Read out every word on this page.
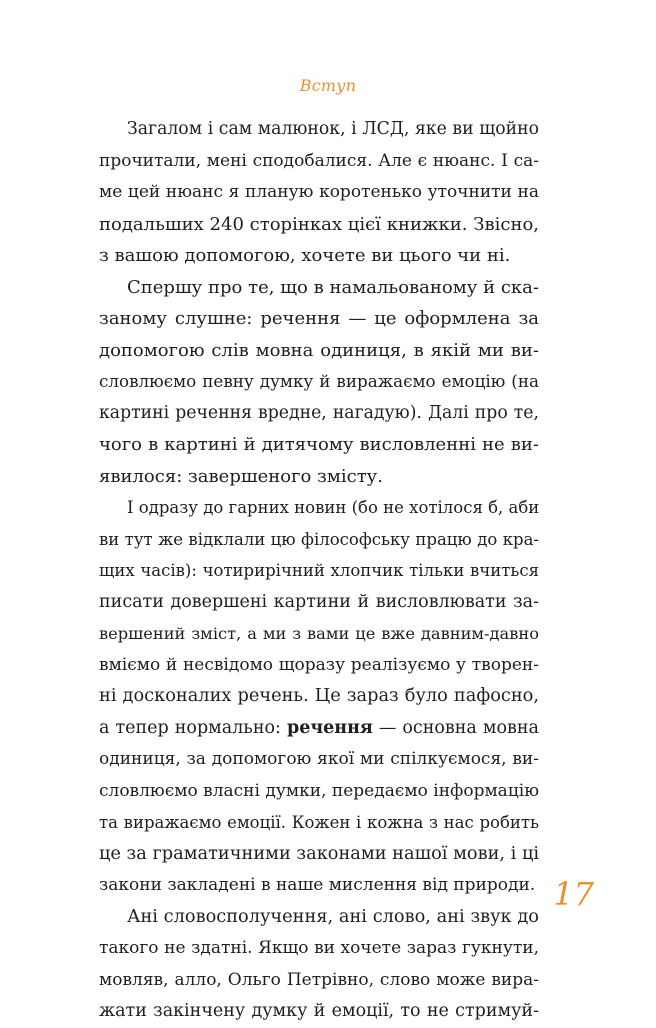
Вступ
Загалом і сам малюнок, і ЛСД, яке ви щойно
прочитали, мені сподобалися. Але є нюанс. І са-
ме цей нюанс я планую коротенько уточнити на
подальших 240 сторінках цієї книжки. Звісно,
з вашою допомогою, хочете ви цього чи ні.
Спершу про те, що в намальованому й ска-
заному слушне: речення — це оформлена за
допомогою слів мовна одиниця, в якій ми ви-
словлюємо певну думку й виражаємо емоцію (на
картині речення вредне, нагадую). Далі про те,
чого в картині й дитячому висловленні не ви-
явилося: завершеного змісту.
І одразу до гарних новин (бо не хотілося б, аби
ви тут же відклали цю філософську працю до кра-
щих часів): чотирирічний хлопчик тільки вчиться
писати довершені картини й висловлювати за-
вершений зміст, а ми з вами це вже давним-давно
вміємо й несвідомо щоразу реалізуємо у творен-
ні досконалих речень. Це зараз було пафосно,
а тепер нормально: речення — основна мовна
одиниця, за допомогою якої ми спілкуємося, ви-
словлюємо власні думки, передаємо інформацію
та виражаємо емоції. Кожен і кожна з нас робить
це за граматичними законами нашої мови, і ці
закони закладені в наше мислення від природи.
Ані словосполучення, ані слово, ані звук до
такого не здатні. Якщо ви хочете зараз гукнути,
мовляв, алло, Ольго Петрівно, слово може вира-
жати закінчену думку й емоції, то не стримуй-
17
